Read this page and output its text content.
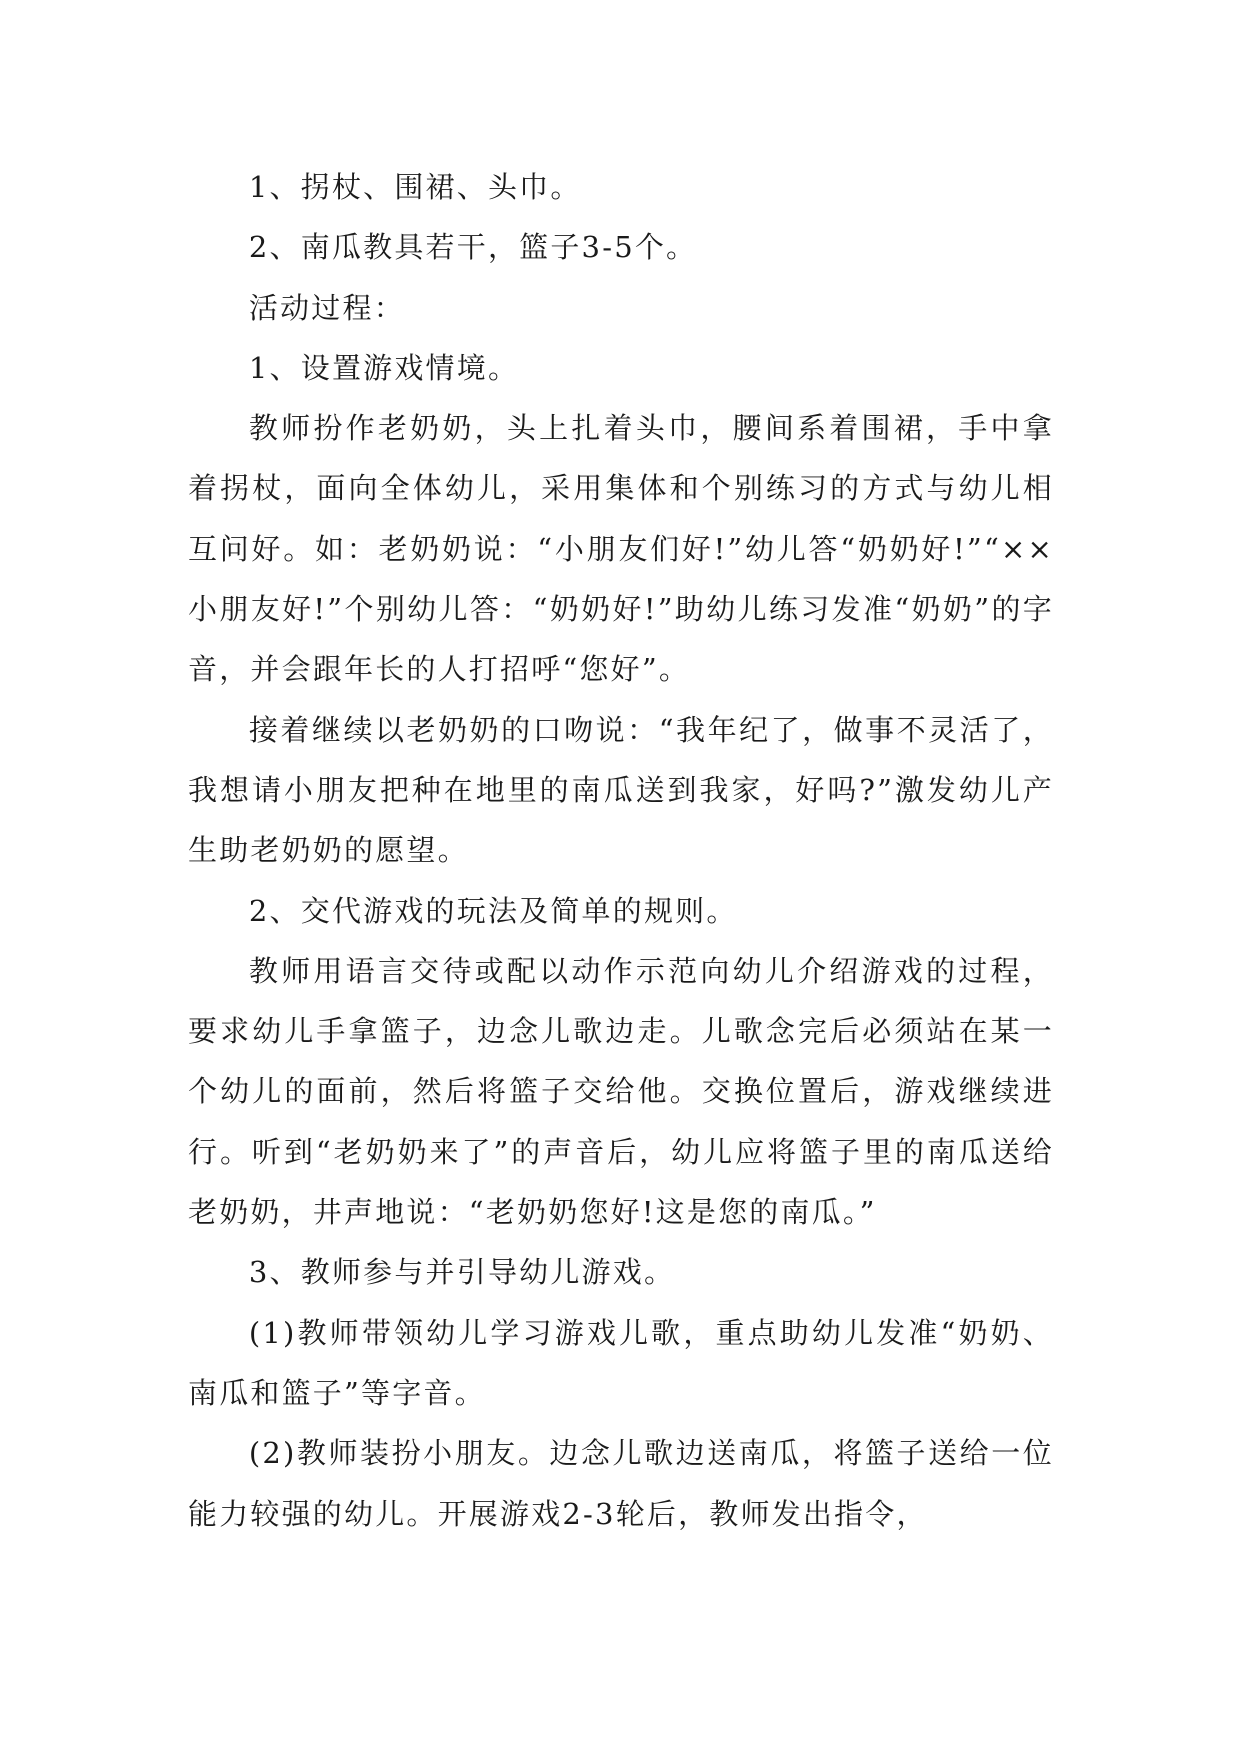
1、拐杖、围裙、头巾。

2、南瓜教具若干，篮子3-5个。

活动过程：

1、设置游戏情境。

教师扮作老奶奶，头上扎着头巾，腰间系着围裙，手中拿着拐杖，面向全体幼儿，采用集体和个别练习的方式与幼儿相互问好。如：老奶奶说：“小朋友们好!”幼儿答“奶奶好!”“××小朋友好!”个别幼儿答：“奶奶好!”助幼儿练习发准“奶奶”的字音，并会跟年长的人打招呼“您好”。

接着继续以老奶奶的口吻说：“我年纪了，做事不灵活了，我想请小朋友把种在地里的南瓜送到我家，好吗?”激发幼儿产生助老奶奶的愿望。

2、交代游戏的玩法及简单的规则。

教师用语言交待或配以动作示范向幼儿介绍游戏的过程，要求幼儿手拿篮子，边念儿歌边走。儿歌念完后必须站在某一个幼儿的面前，然后将篮子交给他。交换位置后，游戏继续进行。听到“老奶奶来了”的声音后，幼儿应将篮子里的南瓜送给老奶奶，井声地说：“老奶奶您好!这是您的南瓜。”

3、教师参与并引导幼儿游戏。

(1)教师带领幼儿学习游戏儿歌，重点助幼儿发准“奶奶、南瓜和篮子”等字音。

(2)教师装扮小朋友。边念儿歌边送南瓜，将篮子送给一位能力较强的幼儿。开展游戏2-3轮后，教师发出指令，
